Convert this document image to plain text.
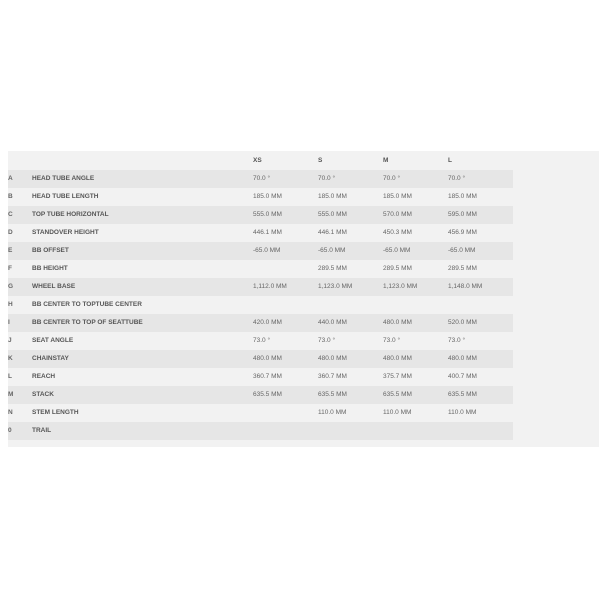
		XS	S	M	L	
A	HEAD TUBE ANGLE	70.0 °	70.0 °	70.0 °	70.0 °	
B	HEAD TUBE LENGTH	185.0 MM	185.0 MM	185.0 MM	185.0 MM	
C	TOP TUBE HORIZONTAL	555.0 MM	555.0 MM	570.0 MM	595.0 MM	
D	STANDOVER HEIGHT	446.1 MM	446.1 MM	450.3 MM	456.9 MM	
E	BB OFFSET	-65.0 MM	-65.0 MM	-65.0 MM	-65.0 MM	
F	BB HEIGHT		289.5 MM	289.5 MM	289.5 MM	
G	WHEEL BASE	1,112.0 MM	1,123.0 MM	1,123.0 MM	1,148.0 MM	
H	BB CENTER TO TOPTUBE CENTER					
I	BB CENTER TO TOP OF SEATTUBE	420.0 MM	440.0 MM	480.0 MM	520.0 MM	
J	SEAT ANGLE	73.0 °	73.0 °	73.0 °	73.0 °	
K	CHAINSTAY	480.0 MM	480.0 MM	480.0 MM	480.0 MM	
L	REACH	360.7 MM	360.7 MM	375.7 MM	400.7 MM	
M	STACK	635.5 MM	635.5 MM	635.5 MM	635.5 MM	
N	STEM LENGTH		110.0 MM	110.0 MM	110.0 MM	
0	TRAIL					
